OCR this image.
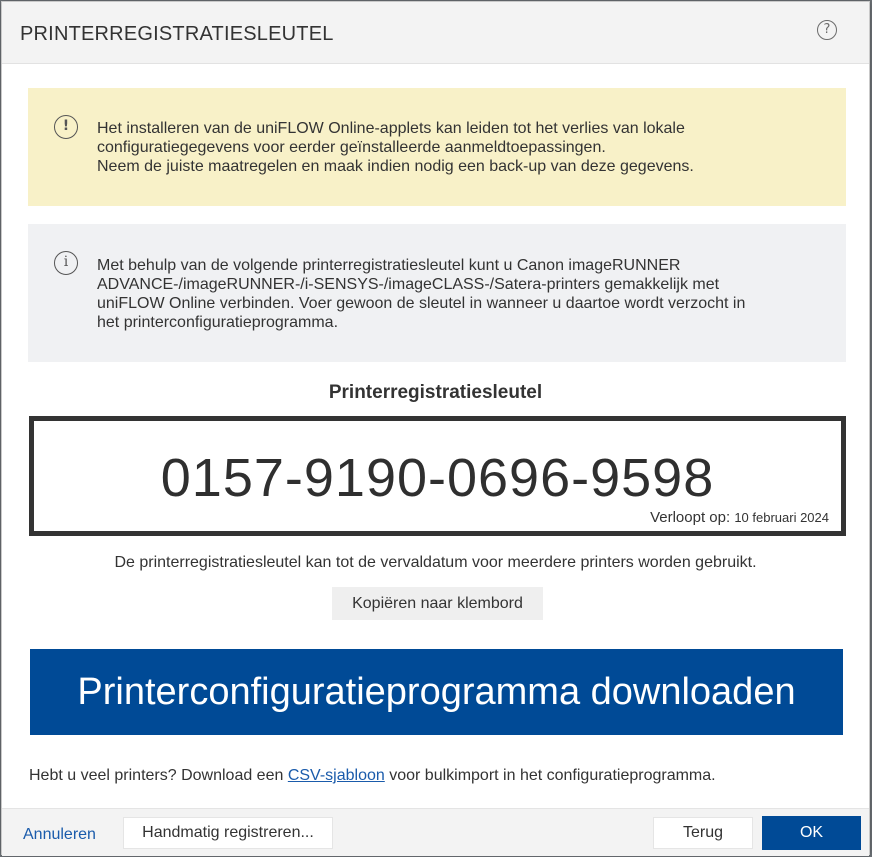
PRINTERREGISTRATIESLEUTEL	?
!	Het installeren van de uniFLOW Online-applets kan leiden tot het verlies van lokale
configuratiegegevens voor eerder geïnstalleerde aanmeldtoepassingen.
Neem de juiste maatregelen en maak indien nodig een back-up van deze gegevens.
i	Met behulp van de volgende printerregistratiesleutel kunt u Canon imageRUNNER
ADVANCE-/imageRUNNER-/i-SENSYS-/imageCLASS-/Satera-printers gemakkelijk met
uniFLOW Online verbinden. Voer gewoon de sleutel in wanneer u daartoe wordt verzocht in
het printerconfiguratieprogramma.
Printerregistratiesleutel
0157-9190-0696-9598
Verloopt op: 10 februari 2024
De printerregistratiesleutel kan tot de vervaldatum voor meerdere printers worden gebruikt.
Kopiëren naar klembord
Printerconfiguratieprogramma downloaden
Hebt u veel printers? Download een CSV-sjabloon voor bulkimport in het configuratieprogramma.
Annuleren	Handmatig registreren...	Terug	OK
